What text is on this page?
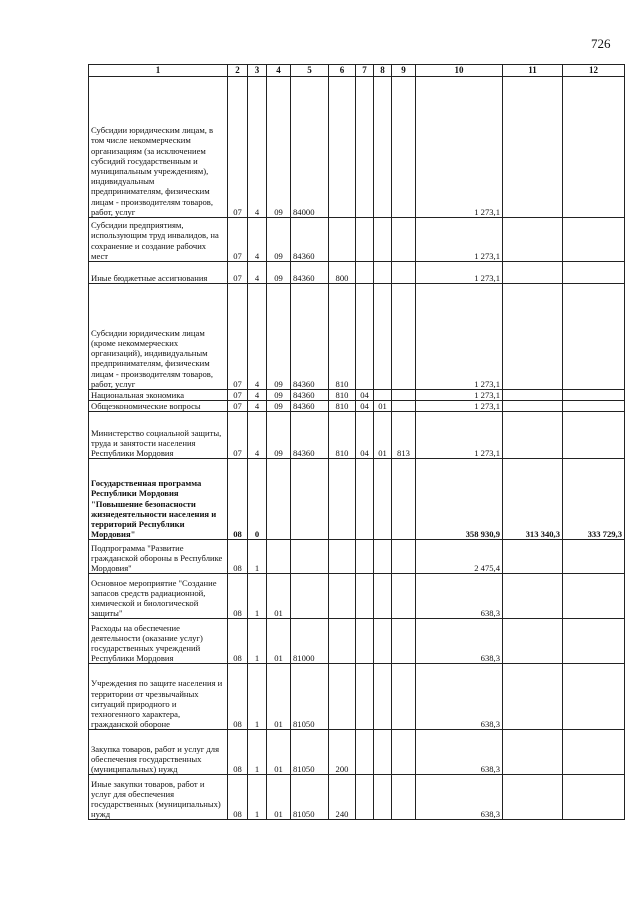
726
1	2	3	4	5	6	7	8	9	10	11	12
Субсидии юридическим лицам, в том числе некоммерческим организациям (за исключением субсидий государственным и муниципальным учреждениям), индивидуальным предпринимателям, физическим лицам - производителям товаров, работ, услуг	07	4	09	84000					1 273,1		
Субсидии предприятиям, использующим труд инвалидов, на сохранение и создание рабочих мест	07	4	09	84360					1 273,1		
Иные бюджетные ассигнования	07	4	09	84360	800				1 273,1		
Субсидии юридическим лицам (кроме некоммерческих организаций), индивидуальным предпринимателям, физическим лицам - производителям товаров, работ, услуг	07	4	09	84360	810				1 273,1		
Национальная экономика	07	4	09	84360	810	04			1 273,1		
Общеэкономические вопросы	07	4	09	84360	810	04	01		1 273,1		
Министерство социальной защиты, труда и занятости населения Республики Мордовия	07	4	09	84360	810	04	01	813	1 273,1		
Государственная программа Республики Мордовия "Повышение безопасности жизнедеятельности населения и территорий Республики Мордовия"	08	0							358 930,9	313 340,3	333 729,3
Подпрограмма "Развитие гражданской обороны в Республике Мордовия"	08	1							2 475,4		
Основное мероприятие "Создание запасов средств радиационной, химической и биологической защиты"	08	1	01						638,3		
Расходы на обеспечение деятельности (оказание услуг) государственных учреждений Республики Мордовия	08	1	01	81000					638,3		
Учреждения по защите населения и территории от чрезвычайных ситуаций природного и техногенного характера, гражданской обороне	08	1	01	81050					638,3		
Закупка товаров, работ и услуг для обеспечения государственных (муниципальных) нужд	08	1	01	81050	200				638,3		
Иные закупки товаров, работ и услуг для обеспечения государственных (муниципальных) нужд	08	1	01	81050	240				638,3		
